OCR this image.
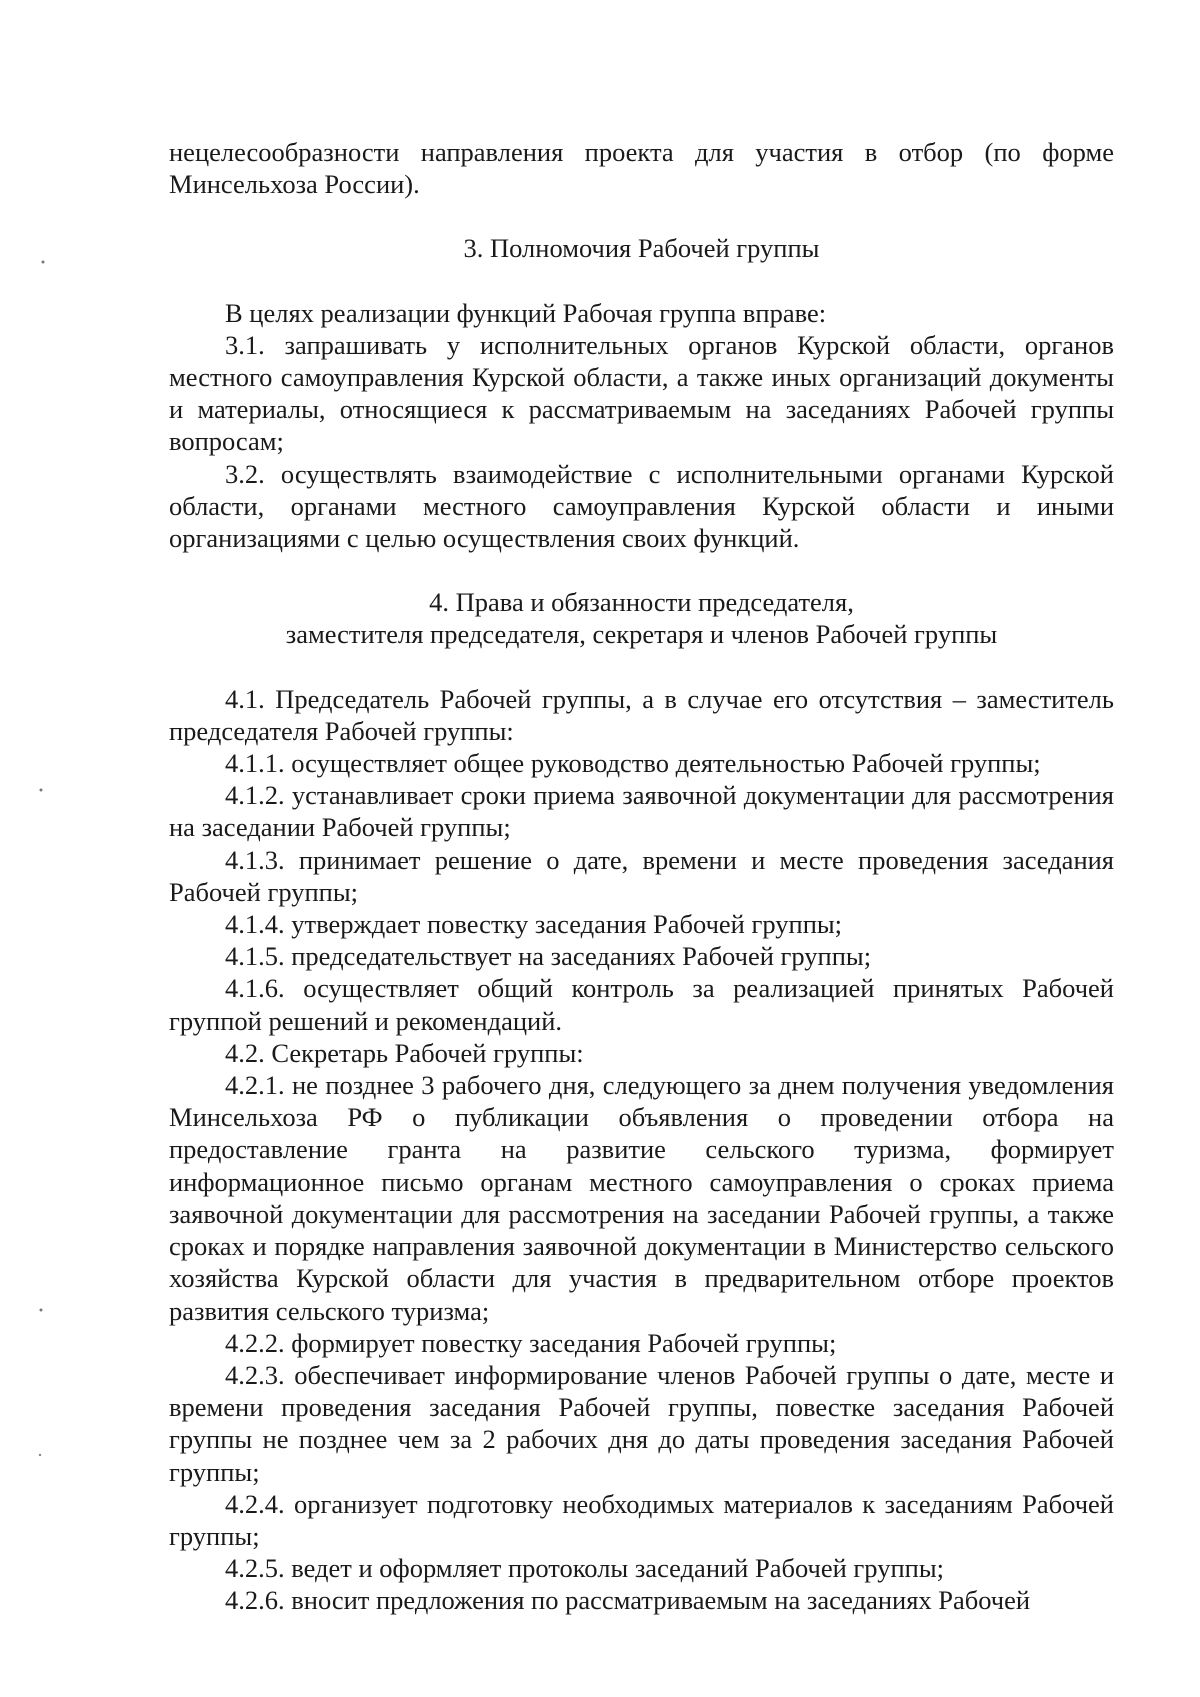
нецелесообразности направления проекта для участия в отбор (по форме Минсельхоза России).

3. Полномочия Рабочей группы

В целях реализации функций Рабочая группа вправе:

3.1. запрашивать у исполнительных органов Курской области, органов местного самоуправления Курской области, а также иных организаций документы и материалы, относящиеся к рассматриваемым на заседаниях Рабочей группы вопросам;

3.2. осуществлять взаимодействие с исполнительными органами Курской области, органами местного самоуправления Курской области и иными организациями с целью осуществления своих функций.

4. Права и обязанности председателя,
заместителя председателя, секретаря и членов Рабочей группы

4.1. Председатель Рабочей группы, а в случае его отсутствия – заместитель председателя Рабочей группы:

4.1.1. осуществляет общее руководство деятельностью Рабочей группы;

4.1.2. устанавливает сроки приема заявочной документации для рассмотрения на заседании Рабочей группы;

4.1.3. принимает решение о дате, времени и месте проведения заседания Рабочей группы;

4.1.4. утверждает повестку заседания Рабочей группы;

4.1.5. председательствует на заседаниях Рабочей группы;

4.1.6. осуществляет общий контроль за реализацией принятых Рабочей группой решений и рекомендаций.

4.2. Секретарь Рабочей группы:

4.2.1. не позднее 3 рабочего дня, следующего за днем получения уведомления Минсельхоза РФ о публикации объявления о проведении отбора на предоставление гранта на развитие сельского туризма, формирует информационное письмо органам местного самоуправления о сроках приема заявочной документации для рассмотрения на заседании Рабочей группы, а также сроках и порядке направления заявочной документации в Министерство сельского хозяйства Курской области для участия в предварительном отборе проектов развития сельского туризма;

4.2.2. формирует повестку заседания Рабочей группы;

4.2.3. обеспечивает информирование членов Рабочей группы о дате, месте и времени проведения заседания Рабочей группы, повестке заседания Рабочей группы не позднее чем за 2 рабочих дня до даты проведения заседания Рабочей группы;

4.2.4. организует подготовку необходимых материалов к заседаниям Рабочей группы;

4.2.5. ведет и оформляет протоколы заседаний Рабочей группы;

4.2.6. вносит предложения по рассматриваемым на заседаниях Рабочей
